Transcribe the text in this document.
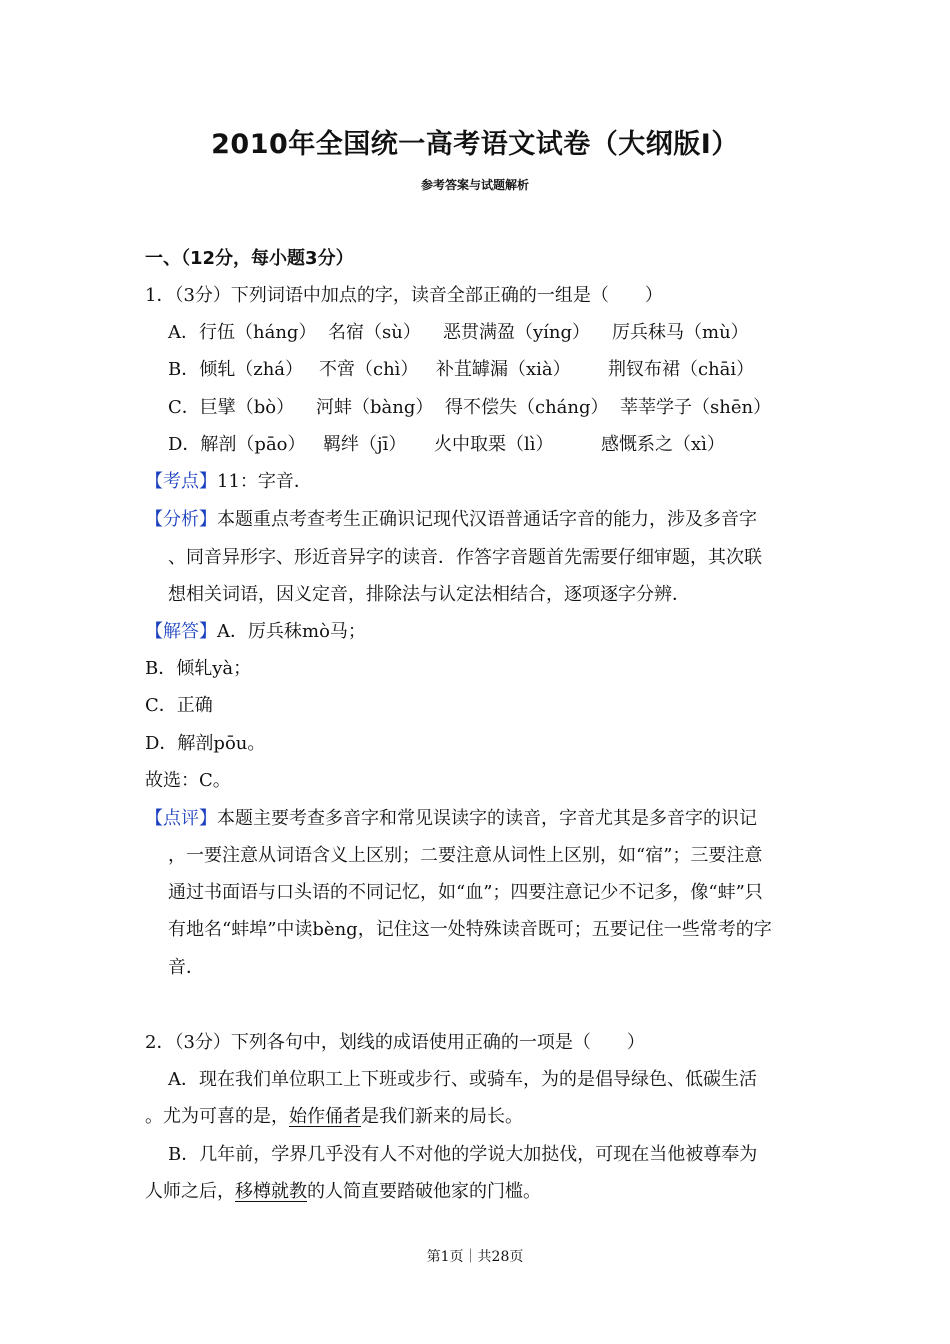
2010年全国统一高考语文试卷（大纲版Ⅰ）
参考答案与试题解析
一、（12分，每小题3分）
1．（3分）下列词语中加点的字，读音全部正确的一组是（　　）
A．行伍（háng） 名宿（sù） 恶贯满盈（yíng） 厉兵秣马（mù）
B．倾轧（zhá） 不啻（chì） 补苴罅漏（xià） 荆钗布裙（chāi）
C．巨擘（bò） 河蚌（bàng） 得不偿失（cháng） 莘莘学子（shēn）
D．解剖（pāo） 羁绊（jī） 火中取栗（lì）	感慨系之（xì）
【考点】11：字音．
【分析】本题重点考查考生正确识记现代汉语普通话字音的能力，涉及多音字
、同音异形字、形近音异字的读音．作答字音题首先需要仔细审题，其次联
想相关词语，因义定音，排除法与认定法相结合，逐项逐字分辨．
【解答】A．厉兵秣mò马；
B．倾轧yà；
C．正确
D．解剖pōu。
故选：C。
【点评】本题主要考查多音字和常见误读字的读音，字音尤其是多音字的识记
，一要注意从词语含义上区别；二要注意从词性上区别，如“宿”；三要注意
通过书面语与口头语的不同记忆，如“血”；四要注意记少不记多，像“蚌”只
有地名“蚌埠”中读bèng，记住这一处特殊读音既可；五要记住一些常考的字
音．
2．（3分）下列各句中，划线的成语使用正确的一项是（　　）
A．现在我们单位职工上下班或步行、或骑车，为的是倡导绿色、低碳生活
。尤为可喜的是，始作俑者是我们新来的局长。
B．几年前，学界几乎没有人不对他的学说大加挞伐，可现在当他被尊奉为
人师之后，移樽就教的人简直要踏破他家的门槛。
第1页｜共28页
